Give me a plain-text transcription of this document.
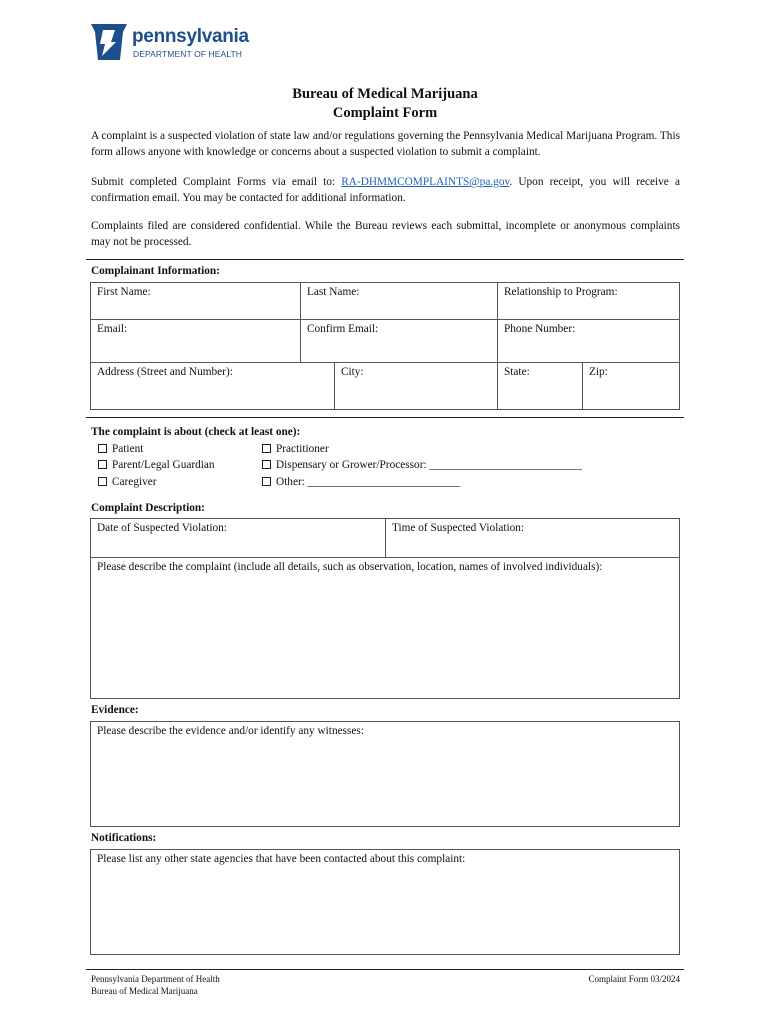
pennsylvania
DEPARTMENT OF HEALTH
Bureau of Medical Marijuana
Complaint Form
A complaint is a suspected violation of state law and/or regulations governing the Pennsylvania Medical Marijuana Program. This form allows anyone with knowledge or concerns about a suspected violation to submit a complaint.
Submit completed Complaint Forms via email to: RA-DHMMCOMPLAINTS@pa.gov. Upon receipt, you will receive a confirmation email. You may be contacted for additional information.
Complaints filed are considered confidential. While the Bureau reviews each submittal, incomplete or anonymous complaints may not be processed.
Complainant Information:
First Name:	Last Name:	Relationship to Program:
Email:	Confirm Email:	Phone Number:
Address (Street and Number):	City:	State:	Zip:
The complaint is about (check at least one):
Patient
Parent/Legal Guardian
Caregiver
Practitioner
Dispensary or Grower/Processor: ___________________________
Other: ___________________________
Complaint Description:
Date of Suspected Violation:	Time of Suspected Violation:
Please describe the complaint (include all details, such as observation, location, names of involved individuals):
Evidence:
Please describe the evidence and/or identify any witnesses:
Notifications:
Please list any other state agencies that have been contacted about this complaint:
Pennsylvania Department of Health
Bureau of Medical Marijuana
Complaint Form 03/2024
